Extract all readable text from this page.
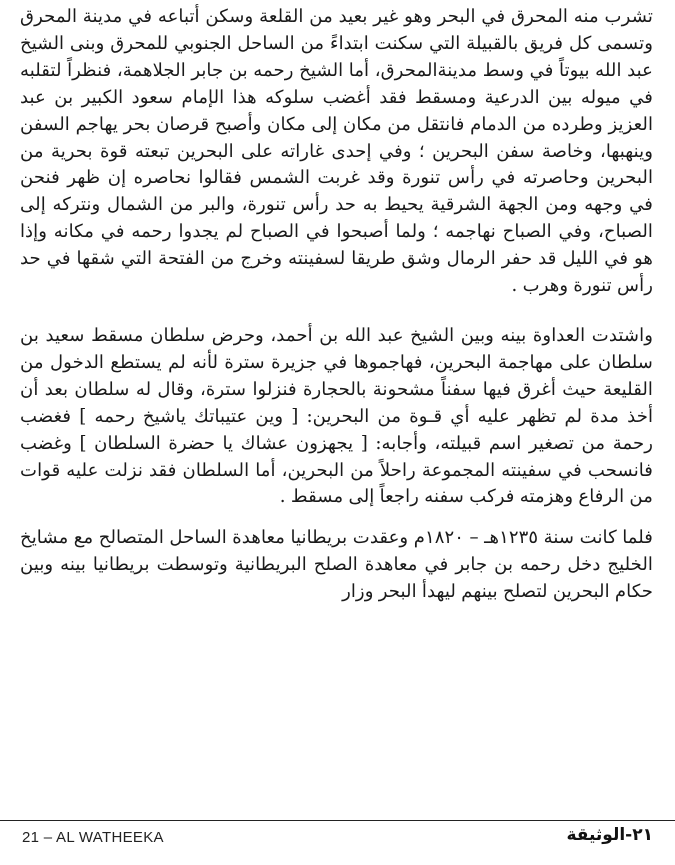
تشرب منه المحرق في البحر وهو غير بعيد من القلعة وسكن أتباعه في مدينة المحرق وتسمى كل فريق بالقبيلة التي سكنت ابتداءً من الساحل الجنوبي للمحرق وبنى الشيخ عبد الله بيوتاً في وسط مدينةالمحرق، أما الشيخ رحمه بن جابر الجلاهمة، فنظراً لتقلبه في ميوله بين الدرعية ومسقط فقد أغضب سلوكه هذا الإمام سعود الكبير بن عبد العزيز وطرده من الدمام فانتقل من مكان إلى مكان وأصبح قرصان بحر يهاجم السفن وينهبها، وخاصة سفن البحرين ؛ وفي إحدى غاراته على البحرين تبعته قوة بحرية من البحرين وحاصرته في رأس تنورة وقد غربت الشمس فقالوا نحاصره إن ظهر فنحن في وجهه ومن الجهة الشرقية يحيط به حد رأس تنورة، والبر من الشمال ونتركه إلى الصباح، وفي الصباح نهاجمه ؛ ولما أصبحوا في الصباح لم يجدوا رحمه في مكانه وإذا هو في الليل قد حفر الرمال وشق طريقا لسفينته وخرج من الفتحة التي شقها في حد رأس تنورة وهرب .

واشتدت العداوة بينه وبين الشيخ عبد الله بن أحمد، وحرض سلطان مسقط سعيد بن سلطان على مهاجمة البحرين، فهاجموها في جزيرة سترة لأنه لم يستطع الدخول من القليعة حيث أغرق فيها سفناً مشحونة بالحجارة فنزلوا سترة، وقال له سلطان بعد أن أخذ مدة لم تظهر عليه أي قـوة من البحرين: [ وين عتيباتك ياشيخ رحمه ] فغضب رحمة من تصغير اسم قبيلته، وأجابه: [ يجهزون عشاك يا حضرة السلطان ] وغضب فانسحب في سفينته المجموعة راحلاً من البحرين، أما السلطان فقد نزلت عليه قوات من الرفاع وهزمته فركب سفنه راجعاً إلى مسقط .

فلما كانت سنة ١٢٣٥هـ – ١٨٢٠م وعقدت بريطانيا معاهدة الساحل المتصالح مع مشايخ الخليج دخل رحمه بن جابر في معاهدة الصلح البريطانية وتوسطت بريطانيا بينه وبين حكام البحرين لتصلح بينهم ليهدأ البحر وزار

21 – AL WATHEEKA	٢١-الوثيقة
